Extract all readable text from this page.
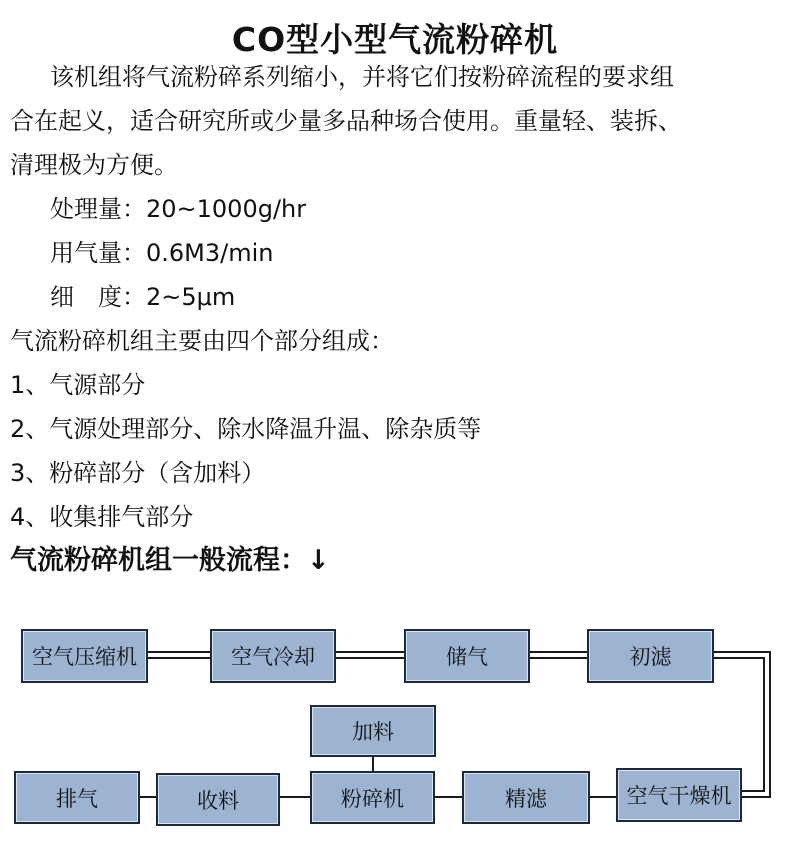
CO型小型气流粉碎机
该机组将气流粉碎系列缩小，并将它们按粉碎流程的要求组
合在起义，适合研究所或少量多品种场合使用。重量轻、装拆、
清理极为方便。
处理量：20~1000g/hr
用气量：0.6M3/min
细　度：2~5μm
气流粉碎机组主要由四个部分组成：
1、气源部分
2、气源处理部分、除水降温升温、除杂质等
3、粉碎部分（含加料）
4、收集排气部分
气流粉碎机组一般流程：↓
空气压缩机	空气冷却	储气	初滤
加料
排气	收料	粉碎机	精滤	空气干燥机
